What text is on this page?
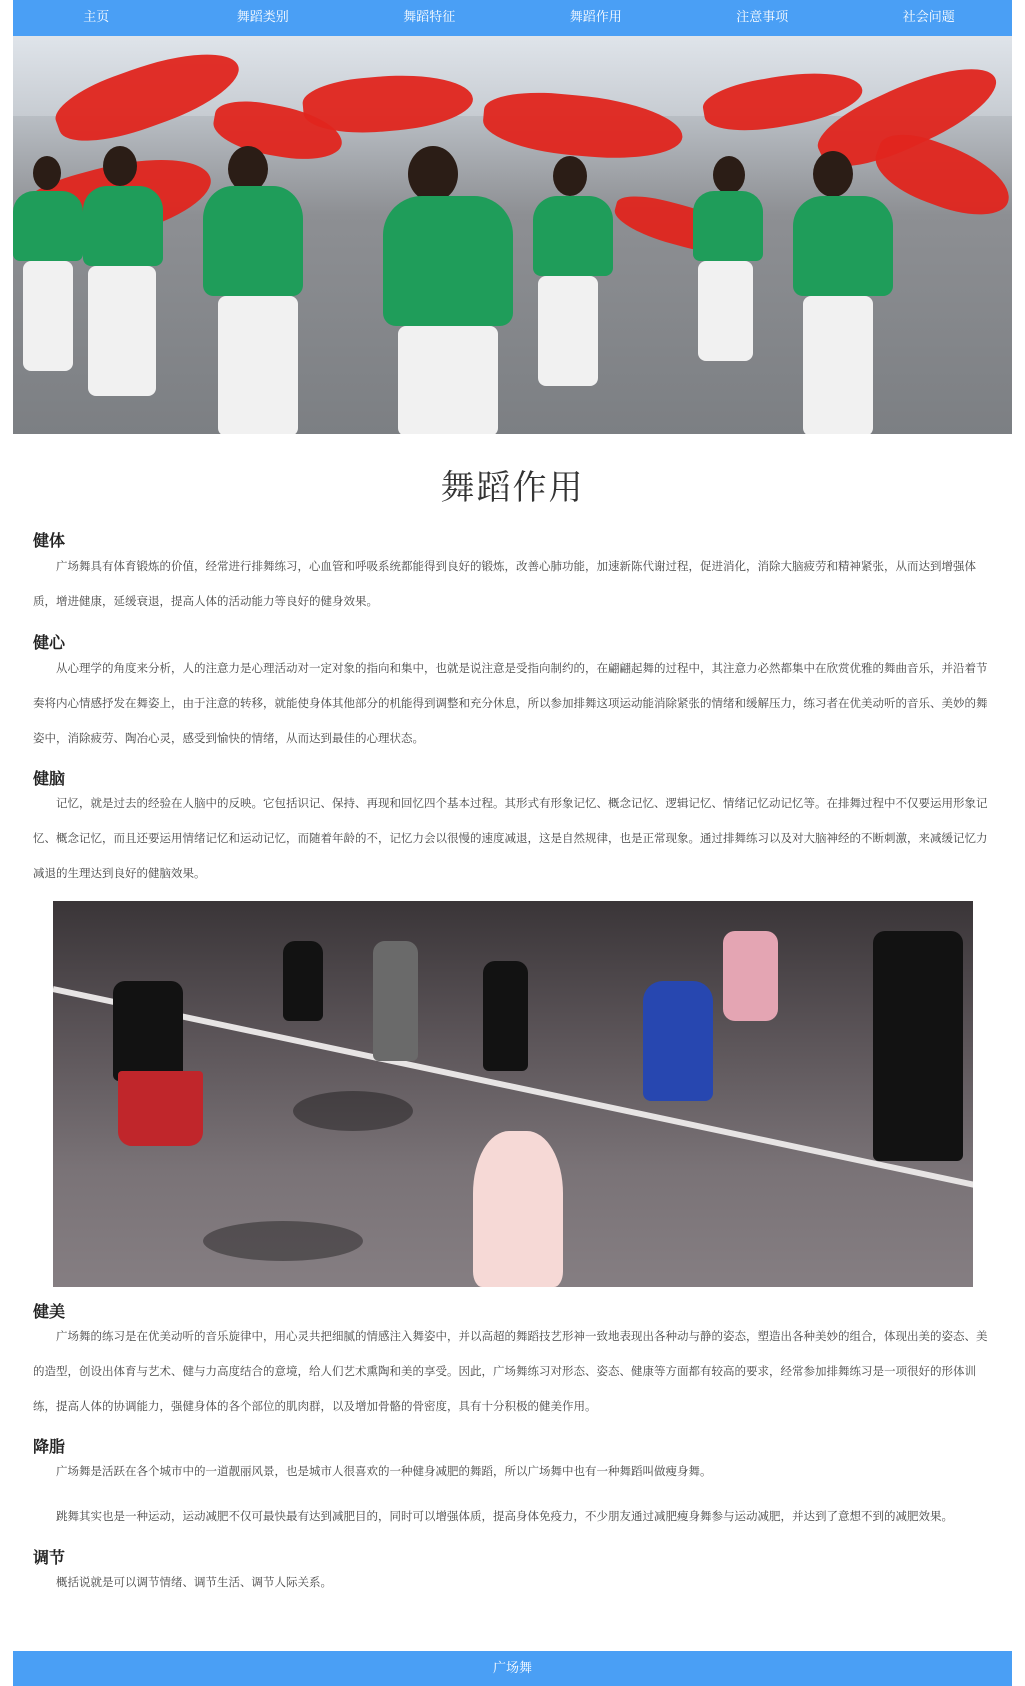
主页	舞蹈类别	舞蹈特征	舞蹈作用	注意事项	社会问题
舞蹈作用
健体

广场舞具有体育锻炼的价值，经常进行排舞练习，心血管和呼吸系统都能得到良好的锻炼，改善心肺功能，加速新陈代谢过程，促进消化，消除大脑疲劳和精神紧张，从而达到增强体质，增进健康，延缓衰退，提高人体的活动能力等良好的健身效果。

健心

从心理学的角度来分析，人的注意力是心理活动对一定对象的指向和集中，也就是说注意是受指向制约的，在翩翩起舞的过程中，其注意力必然都集中在欣赏优雅的舞曲音乐，并沿着节奏将内心情感抒发在舞姿上，由于注意的转移，就能使身体其他部分的机能得到调整和充分休息，所以参加排舞这项运动能消除紧张的情绪和缓解压力，练习者在优美动听的音乐、美妙的舞姿中，消除疲劳、陶冶心灵，感受到愉快的情绪，从而达到最佳的心理状态。

健脑

记忆，就是过去的经验在人脑中的反映。它包括识记、保持、再现和回忆四个基本过程。其形式有形象记忆、概念记忆、逻辑记忆、情绪记忆动记忆等。在排舞过程中不仅要运用形象记忆、概念记忆，而且还要运用情绪记忆和运动记忆，而随着年龄的不，记忆力会以很慢的速度减退，这是自然规律，也是正常现象。通过排舞练习以及对大脑神经的不断刺激，来减缓记忆力减退的生理达到良好的健脑效果。

健美

广场舞的练习是在优美动听的音乐旋律中，用心灵共把细腻的情感注入舞姿中，并以高超的舞蹈技艺形神一致地表现出各种动与静的姿态，塑造出各种美妙的组合，体现出美的姿态、美的造型，创设出体育与艺术、健与力高度结合的意境，给人们艺术熏陶和美的享受。因此，广场舞练习对形态、姿态、健康等方面都有较高的要求，经常参加排舞练习是一项很好的形体训练，提高人体的协调能力，强健身体的各个部位的肌肉群，以及增加骨骼的骨密度，具有十分积极的健美作用。

降脂

广场舞是活跃在各个城市中的一道靓丽风景，也是城市人很喜欢的一种健身减肥的舞蹈，所以广场舞中也有一种舞蹈叫做瘦身舞。

跳舞其实也是一种运动，运动减肥不仅可最快最有达到减肥目的，同时可以增强体质，提高身体免疫力，不少朋友通过减肥瘦身舞参与运动减肥，并达到了意想不到的减肥效果。

调节

概括说就是可以调节情绪、调节生活、调节人际关系。

广场舞
